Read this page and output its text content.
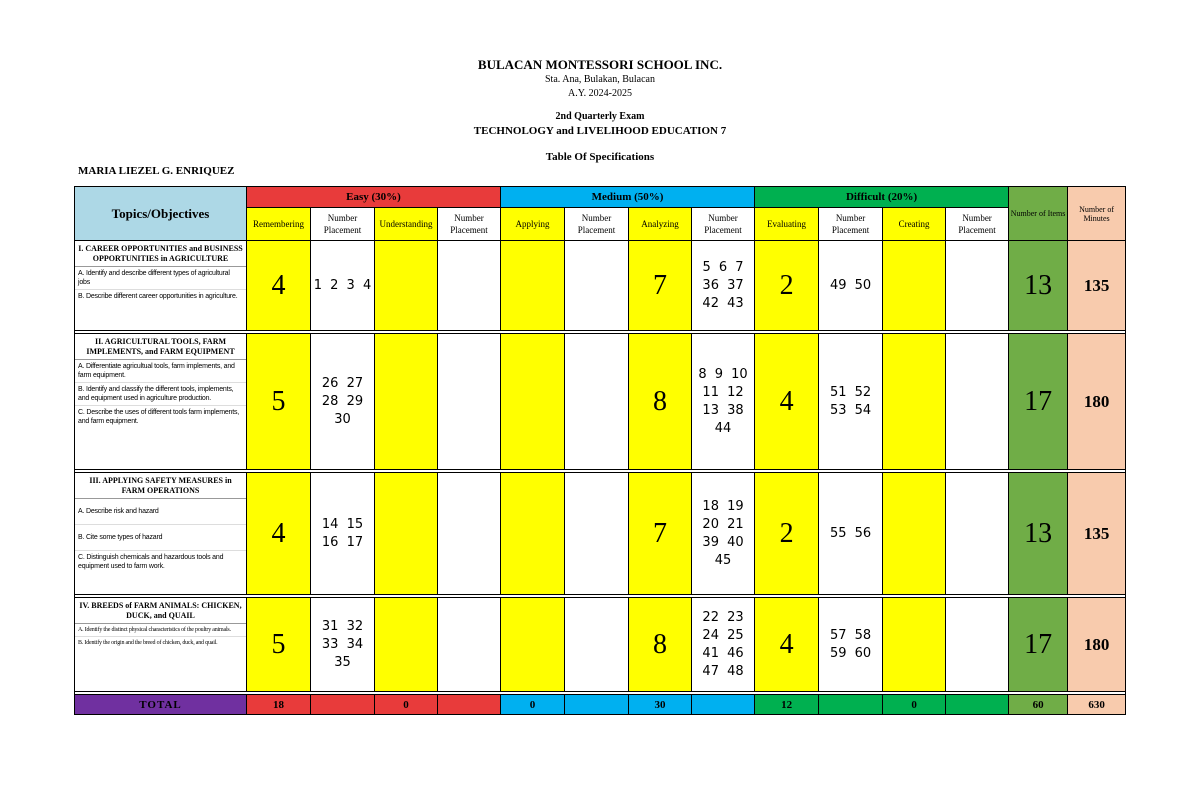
BULACAN MONTESSORI SCHOOL INC.
Sta. Ana, Bulakan, Bulacan
A.Y. 2024-2025
2nd Quarterly Exam
TECHNOLOGY and LIVELIHOOD EDUCATION 7
Table Of Specifications
MARIA LIEZEL G. ENRIQUEZ
Topics/Objectives	Easy (30%)				Medium (50%)				Difficult (20%)				Number of Items	Number of Minutes
	Remembering	Number Placement	Understanding	Number Placement	Applying	Number Placement	Analyzing	Number Placement	Evaluating	Number Placement	Creating	Number Placement		

I. CAREER OPPORTUNITIES and BUSINESS OPPORTUNITIES in AGRICULTURE
A. Identify and describe different types of agricultural jobs
B. Describe different career opportunities in agriculture.	4	1 2 3 4					7	5 6 7 36 37 42 43	2	49 50			13	135

II. AGRICULTURAL TOOLS, FARM IMPLEMENTS, and FARM EQUIPMENT
A. Differentiate agricultual tools, farm implements, and farm equipment.
B. Identify and classify the different tools, implements, and equipment used in agriculture production.
C. Describe the uses of different tools farm implements, and farm equipment.	5	26 27 28 29 30					8	8 9 10 11 12 13 38 44	4	51 52 53 54			17	180

III. APPLYING SAFETY MEASURES in FARM OPERATIONS
A. Describe risk and hazard
B. Cite some types of hazard
C. Distinguish chemicals and hazardous tools and equipment used to farm work.	4	14 15 16 17					7	18 19 20 21 39 40 45	2	55 56			13	135

IV. BREEDS of FARM ANIMALS: CHICKEN, DUCK, and QUAIL
A. Identify the distinct physical characteristics of the poultry animals.
B. Identify the origin and the breed of chicken, duck, and quail.	5	31 32 33 34 35					8	22 23 24 25 41 46 47 48	4	57 58 59 60			17	180

TOTAL	18		0		0		30		12		0		60	630
